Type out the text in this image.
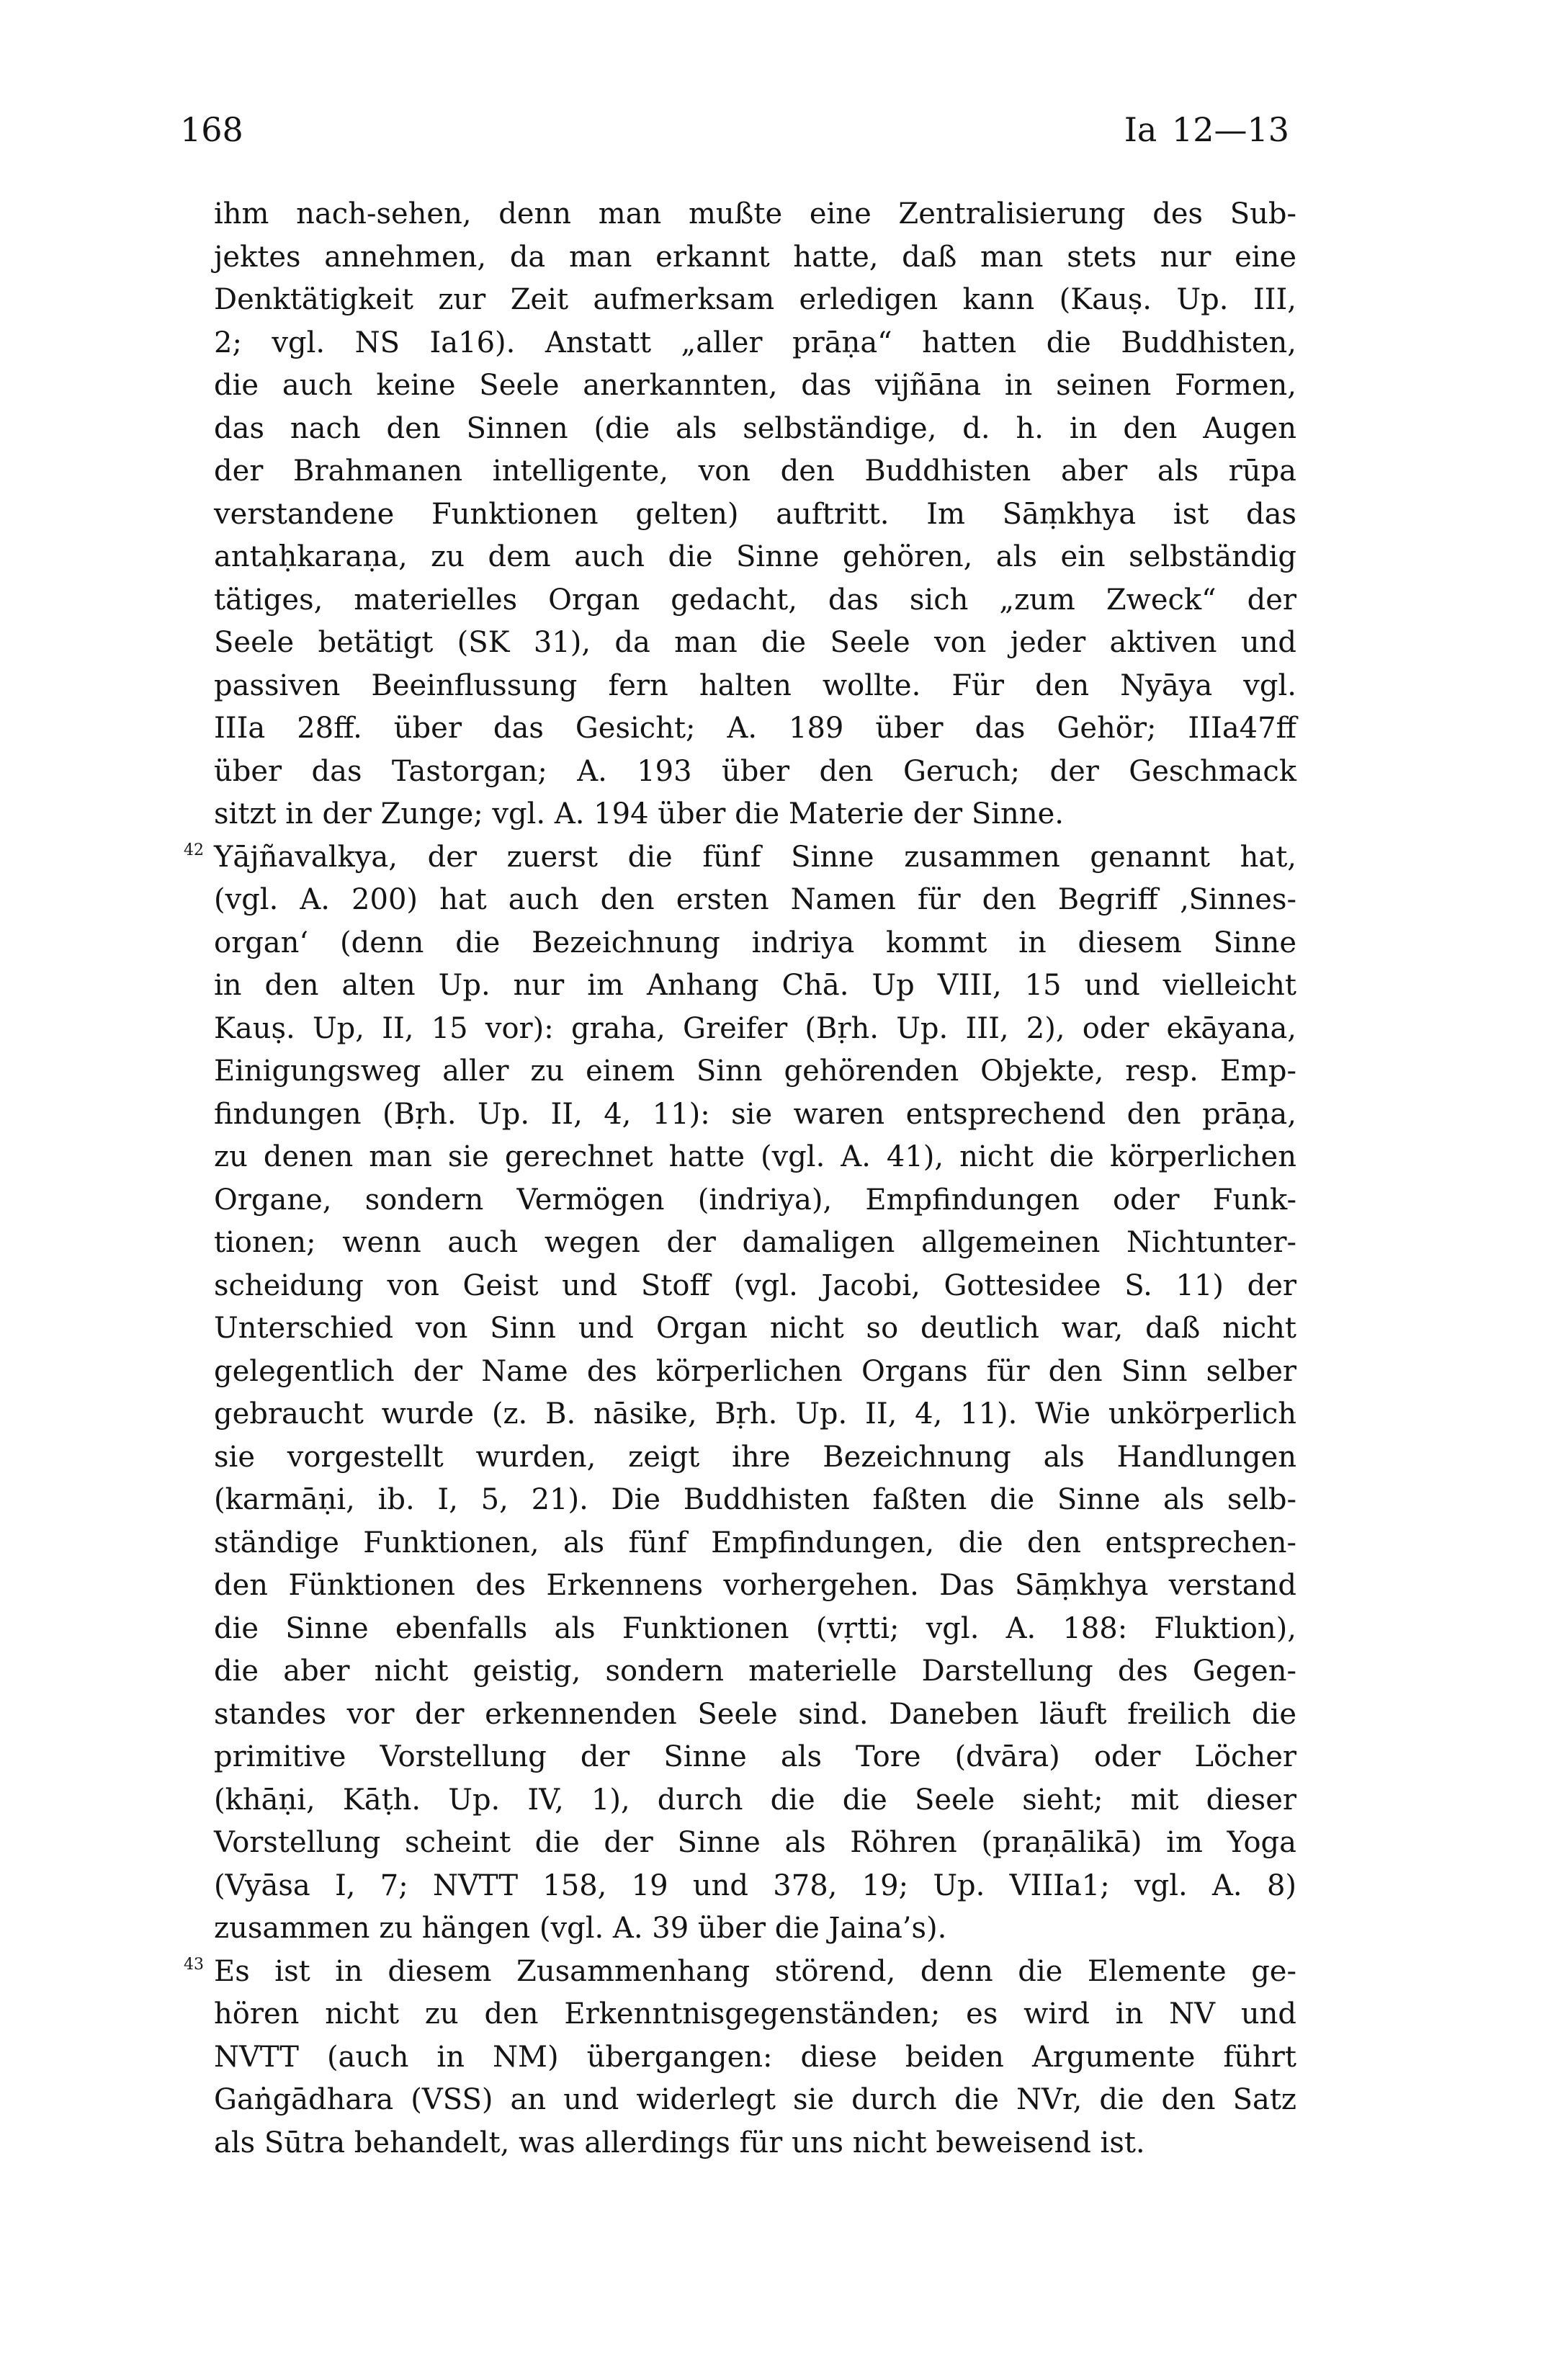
168	Ia 12—13
ihm nach-sehen, denn man mußte eine Zentralisierung des Sub-
jektes annehmen, da man erkannt hatte, daß man stets nur eine
Denktätigkeit zur Zeit aufmerksam erledigen kann (Kauṣ. Up. III,
2; vgl. NS Ia16). Anstatt „aller prāṇa“ hatten die Buddhisten,
die auch keine Seele anerkannten, das vijñāna in seinen Formen,
das nach den Sinnen (die als selbständige, d. h. in den Augen
der Brahmanen intelligente, von den Buddhisten aber als rūpa
verstandene Funktionen gelten) auftritt. Im Sāṃkhya ist das
antaḥkaraṇa, zu dem auch die Sinne gehören, als ein selbständig
tätiges, materielles Organ gedacht, das sich „zum Zweck“ der
Seele betätigt (SK 31), da man die Seele von jeder aktiven und
passiven Beeinflussung fern halten wollte. Für den Nyāya vgl.
IIIa 28ff. über das Gesicht; A. 189 über das Gehör; IIIa47ff
über das Tastorgan; A. 193 über den Geruch; der Geschmack
sitzt in der Zunge; vgl. A. 194 über die Materie der Sinne.
42 Yājñavalkya, der zuerst die fünf Sinne zusammen genannt hat,
(vgl. A. 200) hat auch den ersten Namen für den Begriff ‚Sinnes-
organ‘ (denn die Bezeichnung indriya kommt in diesem Sinne
in den alten Up. nur im Anhang Chā. Up VIII, 15 und vielleicht
Kauṣ. Up, II, 15 vor): graha, Greifer (Bṛh. Up. III, 2), oder ekāyana,
Einigungsweg aller zu einem Sinn gehörenden Objekte, resp. Emp-
findungen (Bṛh. Up. II, 4, 11): sie waren entsprechend den prāṇa,
zu denen man sie gerechnet hatte (vgl. A. 41), nicht die körperlichen
Organe, sondern Vermögen (indriya), Empfindungen oder Funk-
tionen; wenn auch wegen der damaligen allgemeinen Nichtunter-
scheidung von Geist und Stoff (vgl. Jacobi, Gottesidee S. 11) der
Unterschied von Sinn und Organ nicht so deutlich war, daß nicht
gelegentlich der Name des körperlichen Organs für den Sinn selber
gebraucht wurde (z. B. nāsike, Bṛh. Up. II, 4, 11). Wie unkörperlich
sie vorgestellt wurden, zeigt ihre Bezeichnung als Handlungen
(karmāṇi, ib. I, 5, 21). Die Buddhisten faßten die Sinne als selb-
ständige Funktionen, als fünf Empfindungen, die den entsprechen-
den Fünktionen des Erkennens vorhergehen. Das Sāṃkhya verstand
die Sinne ebenfalls als Funktionen (vṛtti; vgl. A. 188: Fluktion),
die aber nicht geistig, sondern materielle Darstellung des Gegen-
standes vor der erkennenden Seele sind. Daneben läuft freilich die
primitive Vorstellung der Sinne als Tore (dvāra) oder Löcher
(khāṇi, Kāṭh. Up. IV, 1), durch die die Seele sieht; mit dieser
Vorstellung scheint die der Sinne als Röhren (praṇālikā) im Yoga
(Vyāsa I, 7; NVTT 158, 19 und 378, 19; Up. VIIIa1; vgl. A. 8)
zusammen zu hängen (vgl. A. 39 über die Jaina’s).
43 Es ist in diesem Zusammenhang störend, denn die Elemente ge-
hören nicht zu den Erkenntnisgegenständen; es wird in NV und
NVTT (auch in NM) übergangen: diese beiden Argumente führt
Gaṅgādhara (VSS) an und widerlegt sie durch die NVr, die den Satz
als Sūtra behandelt, was allerdings für uns nicht beweisend ist.
